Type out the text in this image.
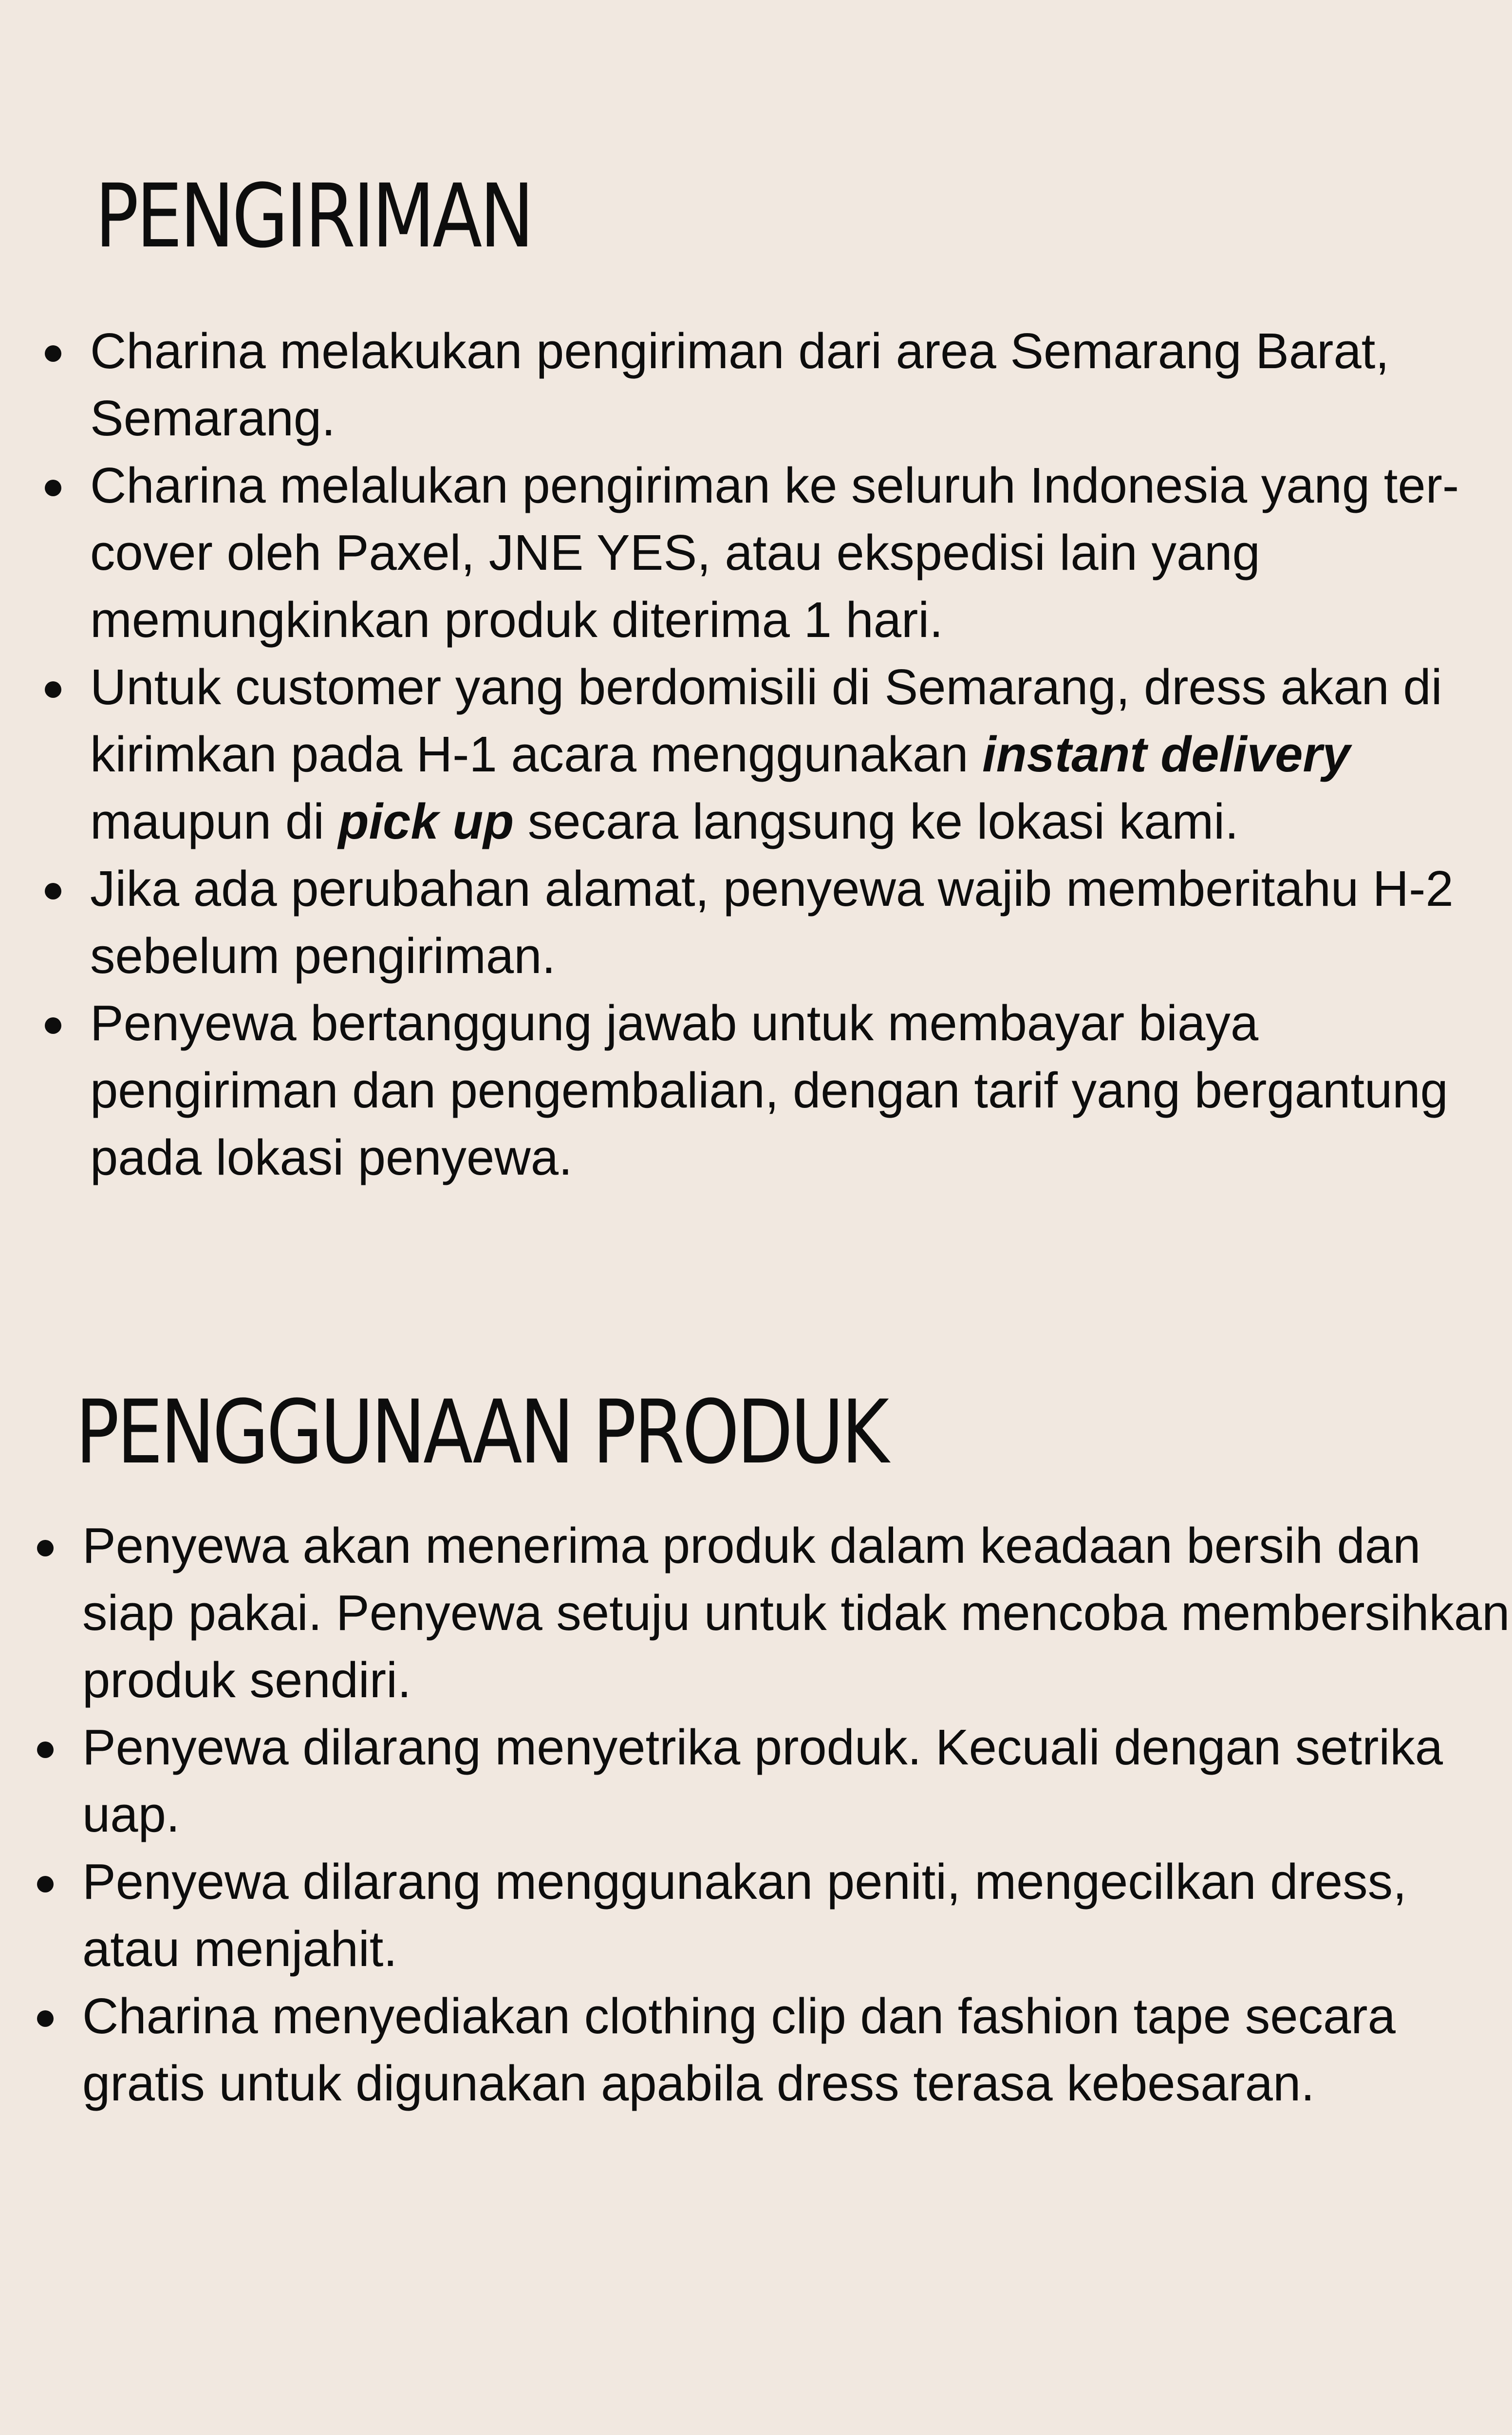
PENGIRIMAN
Charina melakukan pengiriman dari area Semarang Barat, Semarang.
Charina melalukan pengiriman ke seluruh Indonesia yang ter-cover oleh Paxel, JNE YES, atau ekspedisi lain yang memungkinkan produk diterima 1 hari.
Untuk customer yang berdomisili di Semarang, dress akan di kirimkan pada H-1 acara menggunakan instant delivery maupun di pick up secara langsung ke lokasi kami.
Jika ada perubahan alamat, penyewa wajib memberitahu H-2 sebelum pengiriman.
Penyewa bertanggung jawab untuk membayar biaya pengiriman dan pengembalian, dengan tarif yang bergantung pada lokasi penyewa.
PENGGUNAAN PRODUK
Penyewa akan menerima produk dalam keadaan bersih dan siap pakai. Penyewa setuju untuk tidak mencoba membersihkan produk sendiri.
Penyewa dilarang menyetrika produk. Kecuali dengan setrika uap.
Penyewa dilarang menggunakan peniti, mengecilkan dress, atau menjahit.
Charina menyediakan clothing clip dan fashion tape secara gratis untuk digunakan apabila dress terasa kebesaran.
